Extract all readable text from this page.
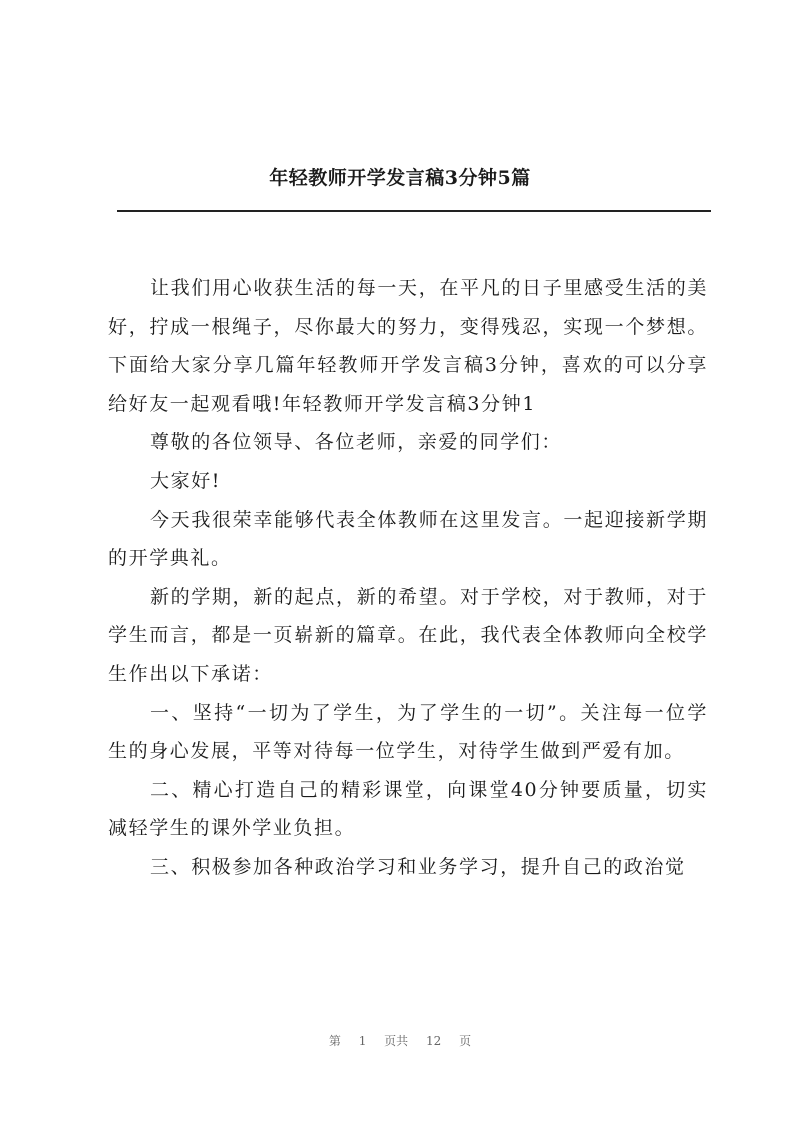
年轻教师开学发言稿3分钟5篇

让我们用心收获生活的每一天，在平凡的日子里感受生活的美好，拧成一根绳子，尽你最大的努力，变得残忍，实现一个梦想。下面给大家分享几篇年轻教师开学发言稿3分钟，喜欢的可以分享给好友一起观看哦!年轻教师开学发言稿3分钟1

尊敬的各位领导、各位老师，亲爱的同学们：

大家好!

今天我很荣幸能够代表全体教师在这里发言。一起迎接新学期的开学典礼。

新的学期，新的起点，新的希望。对于学校，对于教师，对于学生而言，都是一页崭新的篇章。在此，我代表全体教师向全校学生作出以下承诺：

一、坚持“一切为了学生，为了学生的一切”。关注每一位学生的身心发展，平等对待每一位学生，对待学生做到严爱有加。

二、精心打造自己的精彩课堂，向课堂40分钟要质量，切实减轻学生的课外学业负担。

三、积极参加各种政治学习和业务学习，提升自己的政治觉

第 1 页共 12 页
